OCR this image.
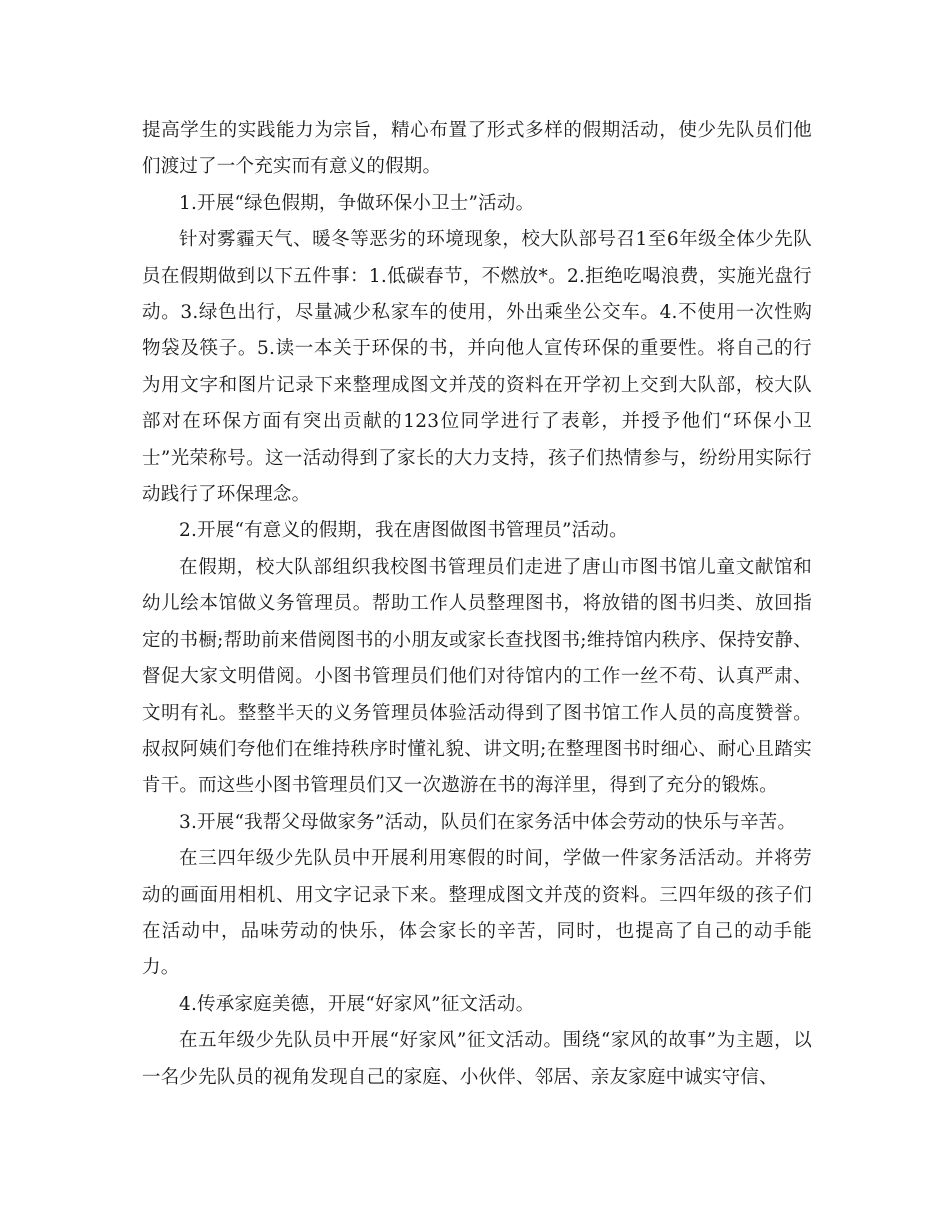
提高学生的实践能力为宗旨，精心布置了形式多样的假期活动，使少先队员们他们渡过了一个充实而有意义的假期。

1.开展“绿色假期，争做环保小卫士”活动。

针对雾霾天气、暖冬等恶劣的环境现象，校大队部号召1至6年级全体少先队员在假期做到以下五件事：1.低碳春节，不燃放*。2.拒绝吃喝浪费，实施光盘行动。3.绿色出行，尽量减少私家车的使用，外出乘坐公交车。4.不使用一次性购物袋及筷子。5.读一本关于环保的书，并向他人宣传环保的重要性。将自己的行为用文字和图片记录下来整理成图文并茂的资料在开学初上交到大队部，校大队部对在环保方面有突出贡献的123位同学进行了表彰，并授予他们“环保小卫士”光荣称号。这一活动得到了家长的大力支持，孩子们热情参与，纷纷用实际行动践行了环保理念。

2.开展“有意义的假期，我在唐图做图书管理员”活动。

在假期，校大队部组织我校图书管理员们走进了唐山市图书馆儿童文献馆和幼儿绘本馆做义务管理员。帮助工作人员整理图书，将放错的图书归类、放回指定的书橱;帮助前来借阅图书的小朋友或家长查找图书;维持馆内秩序、保持安静、督促大家文明借阅。小图书管理员们他们对待馆内的工作一丝不苟、认真严肃、文明有礼。整整半天的义务管理员体验活动得到了图书馆工作人员的高度赞誉。叔叔阿姨们夸他们在维持秩序时懂礼貌、讲文明;在整理图书时细心、耐心且踏实肯干。而这些小图书管理员们又一次遨游在书的海洋里，得到了充分的锻炼。

3.开展“我帮父母做家务”活动，队员们在家务活中体会劳动的快乐与辛苦。

在三四年级少先队员中开展利用寒假的时间，学做一件家务活活动。并将劳动的画面用相机、用文字记录下来。整理成图文并茂的资料。三四年级的孩子们在活动中，品味劳动的快乐，体会家长的辛苦，同时，也提高了自己的动手能力。

4.传承家庭美德，开展“好家风”征文活动。

在五年级少先队员中开展“好家风”征文活动。围绕“家风的故事”为主题，以一名少先队员的视角发现自己的家庭、小伙伴、邻居、亲友家庭中诚实守信、
